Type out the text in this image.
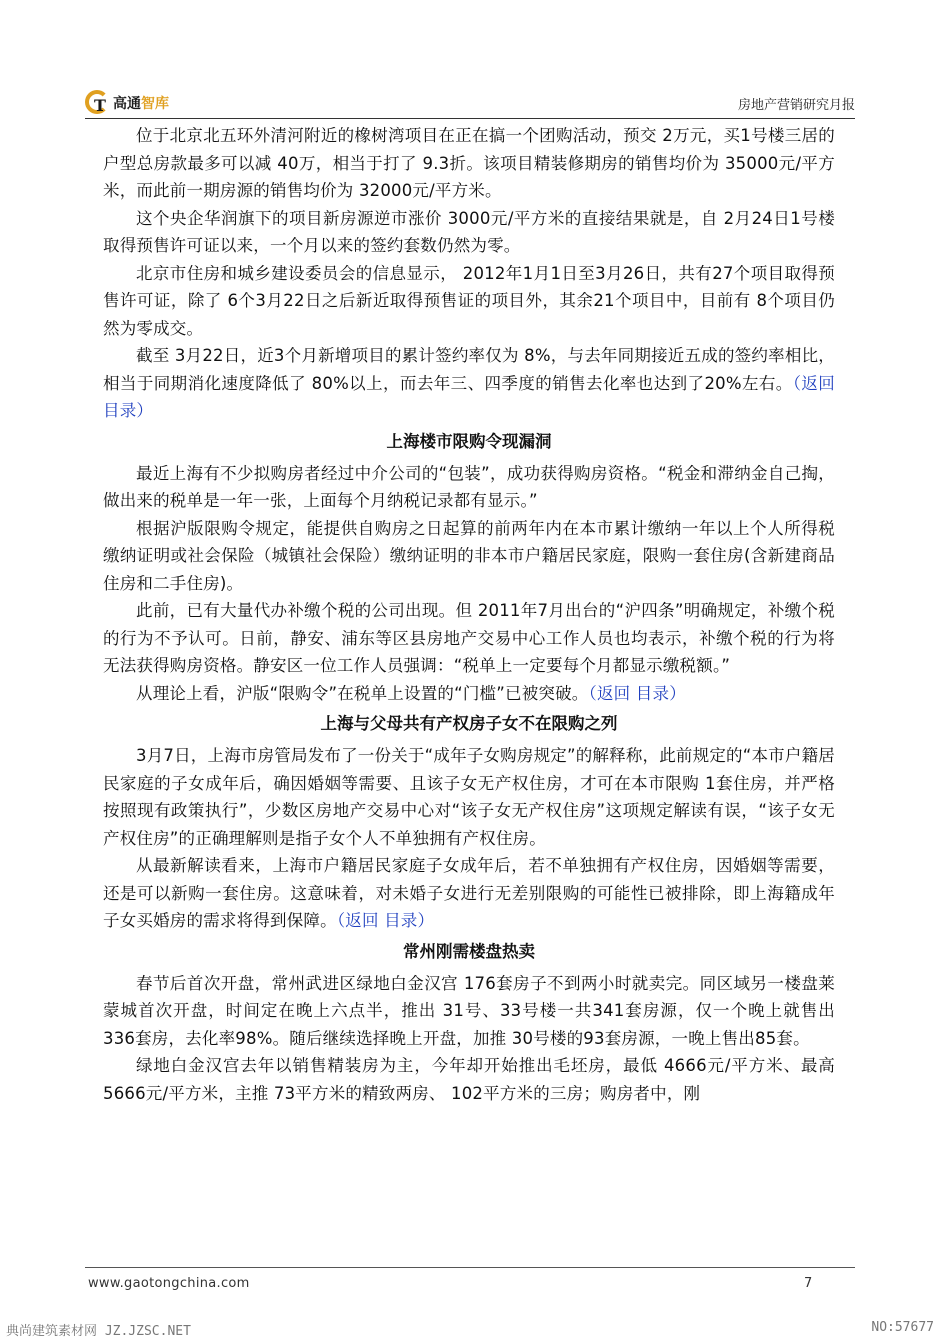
T 高通智库	房地产营销研究月报

位于北京北五环外清河附近的橡树湾项目在正在搞一个团购活动，预交 2万元，买1号楼三居的户型总房款最多可以减 40万，相当于打了 9.3折。该项目精装修期房的销售均价为 35000元/平方米，而此前一期房源的销售均价为 32000元/平方米。

这个央企华润旗下的项目新房源逆市涨价 3000元/平方米的直接结果就是，自 2月24日1号楼取得预售许可证以来，一个月以来的签约套数仍然为零。

北京市住房和城乡建设委员会的信息显示， 2012年1月1日至3月26日，共有27个项目取得预售许可证，除了 6个3月22日之后新近取得预售证的项目外，其余21个项目中，目前有 8个项目仍然为零成交。

截至 3月22日，近3个月新增项目的累计签约率仅为 8%，与去年同期接近五成的签约率相比，相当于同期消化速度降低了 80%以上，而去年三、四季度的销售去化率也达到了20%左右。（返回 目录）

上海楼市限购令现漏洞

最近上海有不少拟购房者经过中介公司的“包装”，成功获得购房资格。“税金和滞纳金自己掏，做出来的税单是一年一张，上面每个月纳税记录都有显示。”

根据沪版限购令规定，能提供自购房之日起算的前两年内在本市累计缴纳一年以上个人所得税缴纳证明或社会保险（城镇社会保险）缴纳证明的非本市户籍居民家庭，限购一套住房(含新建商品住房和二手住房)。

此前，已有大量代办补缴个税的公司出现。但 2011年7月出台的“沪四条”明确规定，补缴个税的行为不予认可。日前，静安、浦东等区县房地产交易中心工作人员也均表示，补缴个税的行为将无法获得购房资格。静安区一位工作人员强调：“税单上一定要每个月都显示缴税额。”

从理论上看，沪版“限购令”在税单上设置的“门槛”已被突破。（返回 目录）

上海与父母共有产权房子女不在限购之列

3月7日，上海市房管局发布了一份关于“成年子女购房规定”的解释称，此前规定的“本市户籍居民家庭的子女成年后，确因婚姻等需要、且该子女无产权住房，才可在本市限购 1套住房，并严格按照现有政策执行”，少数区房地产交易中心对“该子女无产权住房”这项规定解读有误，“该子女无产权住房”的正确理解则是指子女个人不单独拥有产权住房。

从最新解读看来，上海市户籍居民家庭子女成年后，若不单独拥有产权住房，因婚姻等需要，还是可以新购一套住房。这意味着，对未婚子女进行无差别限购的可能性已被排除，即上海籍成年子女买婚房的需求将得到保障。（返回 目录）

常州刚需楼盘热卖

春节后首次开盘，常州武进区绿地白金汉宫 176套房子不到两小时就卖完。同区域另一楼盘莱蒙城首次开盘，时间定在晚上六点半，推出 31号、33号楼一共341套房源，仅一个晚上就售出 336套房，去化率98%。随后继续选择晚上开盘，加推 30号楼的93套房源，一晚上售出85套。

绿地白金汉宫去年以销售精装房为主，今年却开始推出毛坯房，最低 4666元/平方米、最高5666元/平方米，主推 73平方米的精致两房、 102平方米的三房；购房者中，刚

www.gaotongchina.com	7
典尚建筑素材网 JZ.JZSC.NET	NO:57677
